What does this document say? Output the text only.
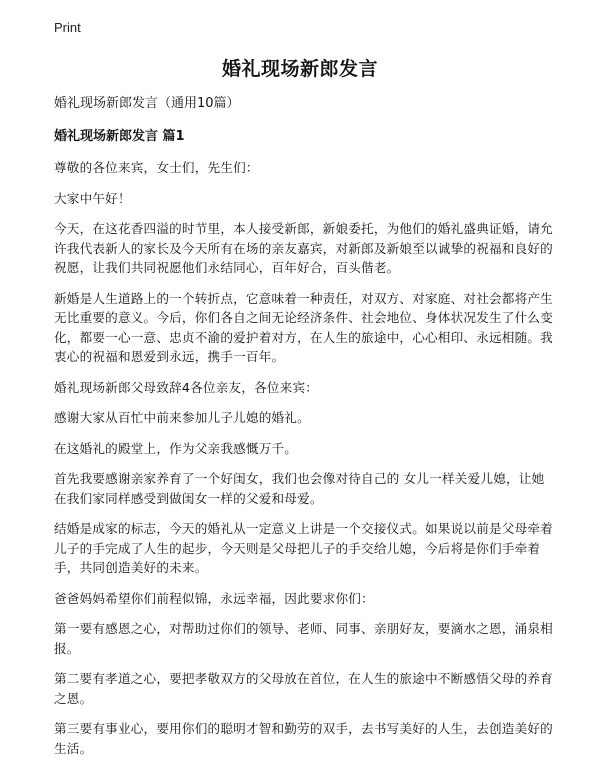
Print
婚礼现场新郎发言

婚礼现场新郎发言（通用10篇）

婚礼现场新郎发言 篇1

尊敬的各位来宾，女士们，先生们：

大家中午好！

今天，在这花香四溢的时节里，本人接受新郎，新娘委托，为他们的婚礼盛典证婚，请允许我代表新人的家长及今天所有在场的亲友嘉宾，对新郎及新娘至以诚挚的祝福和良好的祝愿，让我们共同祝愿他们永结同心，百年好合，百头偕老。

新婚是人生道路上的一个转折点，它意味着一种责任，对双方、对家庭、对社会都将产生无比重要的意义。今后，你们各自之间无论经济条件、社会地位、身体状况发生了什么变化，都要一心一意、忠贞不渝的爱护着对方，在人生的旅途中，心心相印、永远相随。我衷心的祝福和恩爱到永远，携手一百年。

婚礼现场新郎父母致辞4各位亲友，各位来宾：

感谢大家从百忙中前来参加儿子儿媳的婚礼。

在这婚礼的殿堂上，作为父亲我感慨万千。

首先我要感谢亲家养育了一个好闺女，我们也会像对待自己的 女儿一样关爱儿媳，让她在我们家同样感受到做闺女一样的父爱和母爱。

结婚是成家的标志，今天的婚礼从一定意义上讲是一个交接仪式。如果说以前是父母牵着儿子的手完成了人生的起步，今天则是父母把儿子的手交给儿媳，今后将是你们手牵着手，共同创造美好的未来。

爸爸妈妈希望你们前程似锦，永远幸福，因此要求你们：

第一要有感恩之心，对帮助过你们的领导、老师、同事、亲朋好友，要滴水之恩，涌泉相报。

第二要有孝道之心，要把孝敬双方的父母放在首位，在人生的旅途中不断感悟父母的养育之恩。

第三要有事业心，要用你们的聪明才智和勤劳的双手，去书写美好的人生，去创造美好的生活。
